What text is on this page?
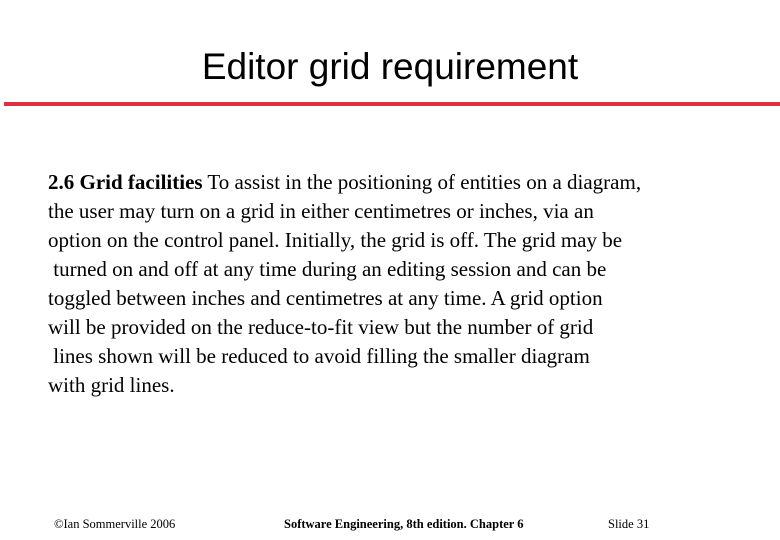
Editor grid requirement
2.6 Grid facilities To assist in the positioning of entities on a diagram,
the user may turn on a grid in either centimetres or inches, via an
option on the control panel. Initially, the grid is off. The grid may be
turned on and off at any time during an editing session and can be
toggled between inches and centimetres at any time. A grid option
will be provided on the reduce-to-fit view but the number of grid
lines shown will be reduced to avoid filling the smaller diagram
with grid lines.
©Ian Sommerville 2006	Software Engineering, 8th edition. Chapter 6	Slide 31
